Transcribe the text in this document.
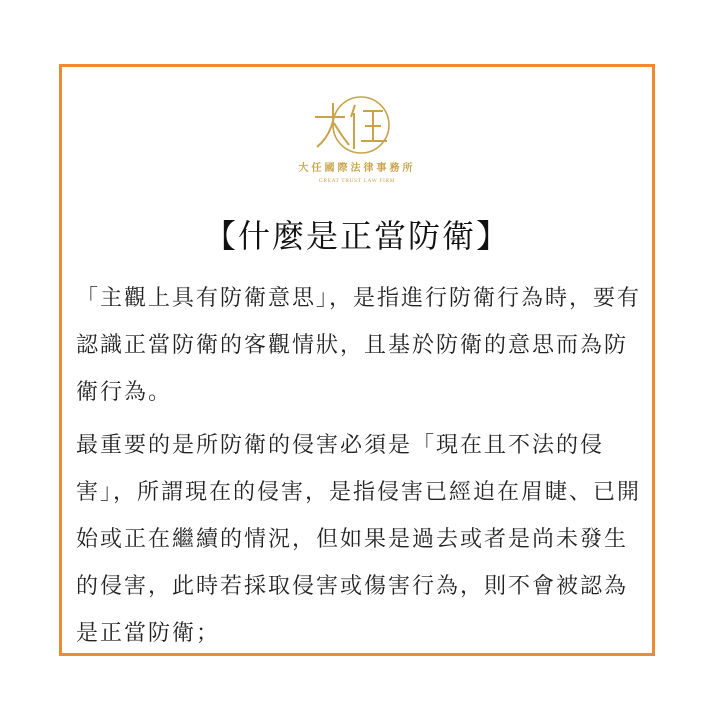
大任國際法律事務所
GREAT TRUST LAW FIRM
【什麼是正當防衛】

「主觀上具有防衛意思」，是指進行防衛行為時，要有認識正當防衛的客觀情狀，且基於防衛的意思而為防衛行為。

最重要的是所防衛的侵害必須是「現在且不法的侵害」，所謂現在的侵害，是指侵害已經迫在眉睫、已開始或正在繼續的情況，但如果是過去或者是尚未發生的侵害，此時若採取侵害或傷害行為，則不會被認為是正當防衛；
